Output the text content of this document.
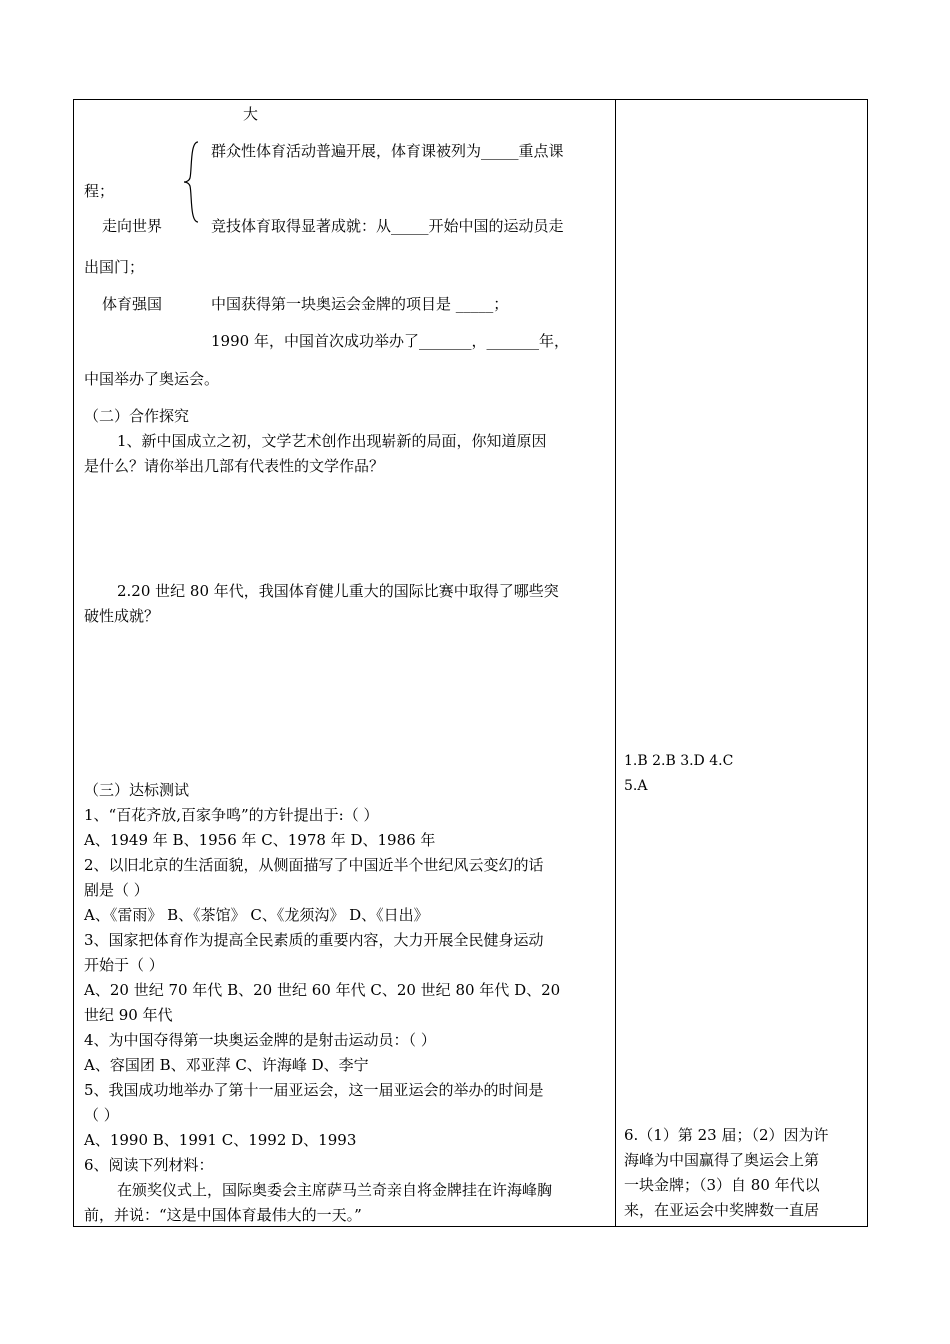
大
群众性体育活动普遍开展，体育课被列为_____重点课
程；
走向世界	竞技体育取得显著成就：从_____开始中国的运动员走
出国门；
体育强国	中国获得第一块奥运会金牌的项目是 _____；
1990 年，中国首次成功举办了_______，_______年，
中国举办了奥运会。
（二）合作探究
1、新中国成立之初，文学艺术创作出现崭新的局面，你知道原因
是什么？请你举出几部有代表性的文学作品？
2.20 世纪 80 年代，我国体育健儿重大的国际比赛中取得了哪些突
破性成就？
（三）达标测试
1、“百花齐放,百家争鸣”的方针提出于:（ ）
A、1949 年 B、1956 年 C、1978 年 D、1986 年
2、以旧北京的生活面貌，从侧面描写了中国近半个世纪风云变幻的话
剧是（ ）
A、《雷雨》 B、《茶馆》 C、《龙须沟》 D、《日出》
3、国家把体育作为提高全民素质的重要内容，大力开展全民健身运动
开始于（ ）
A、20 世纪 70 年代 B、20 世纪 60 年代 C、20 世纪 80 年代 D、20
世纪 90 年代
4、为中国夺得第一块奥运金牌的是射击运动员：（ ）
A、容国团 B、邓亚萍 C、许海峰 D、李宁
5、我国成功地举办了第十一届亚运会，这一届亚运会的举办的时间是
（ ）
A、1990 B、1991 C、1992 D、1993
6、阅读下列材料：
在颁奖仪式上，国际奥委会主席萨马兰奇亲自将金牌挂在许海峰胸
前，并说：“这是中国体育最伟大的一天。”
1.B 2.B 3.D 4.C
5.A
6.（1）第 23 届；（2）因为许
海峰为中国赢得了奥运会上第
一块金牌；（3）自 80 年代以
来，在亚运会中奖牌数一直居
